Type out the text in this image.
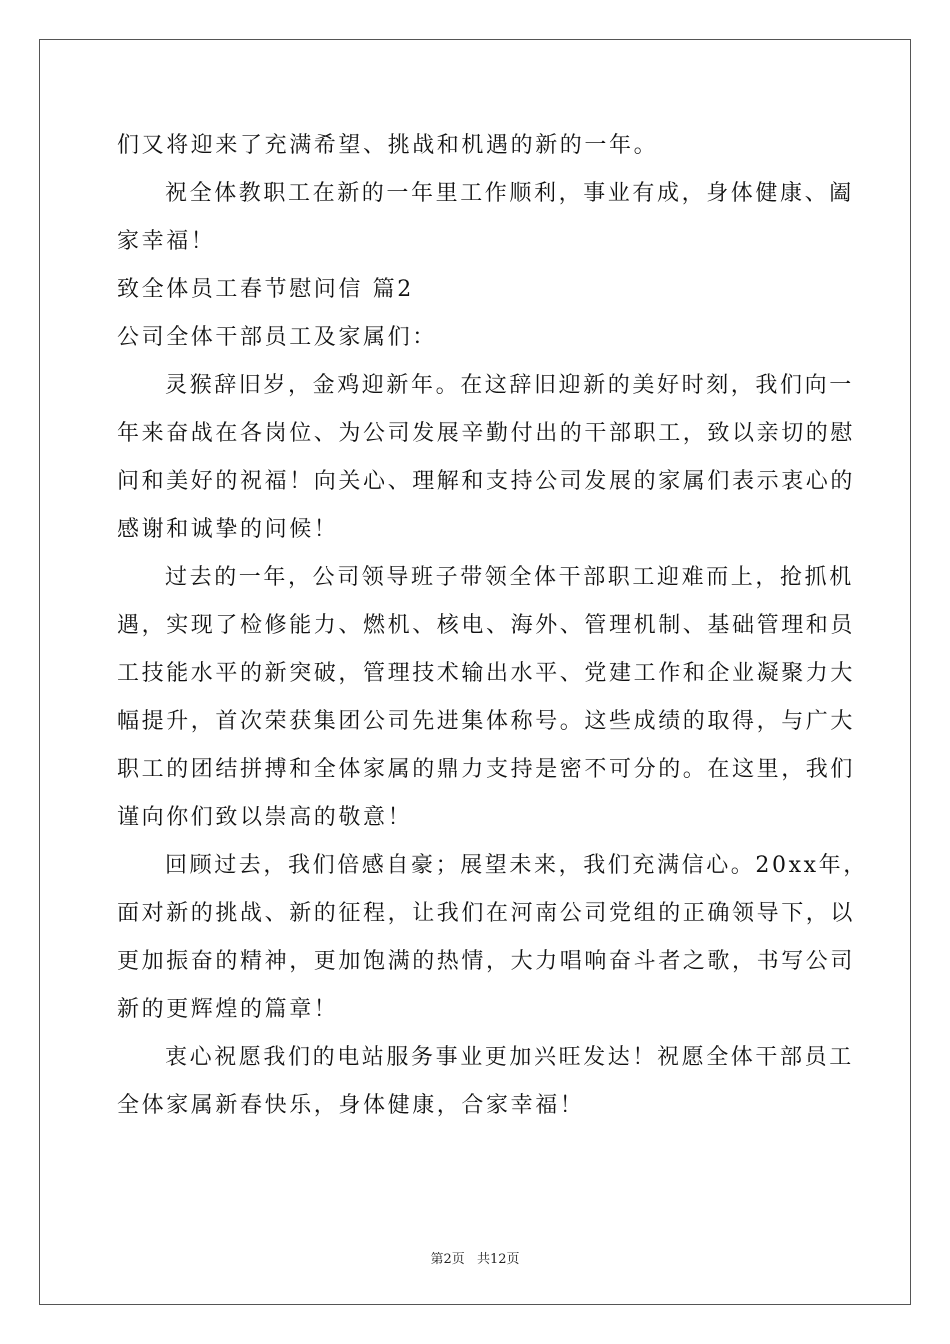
们又将迎来了充满希望、挑战和机遇的新的一年。
祝全体教职工在新的一年里工作顺利，事业有成，身体健康、阖
家幸福！
致全体员工春节慰问信 篇2
公司全体干部员工及家属们：
灵猴辞旧岁，金鸡迎新年。在这辞旧迎新的美好时刻，我们向一
年来奋战在各岗位、为公司发展辛勤付出的干部职工，致以亲切的慰
问和美好的祝福！向关心、理解和支持公司发展的家属们表示衷心的
感谢和诚挚的问候！
过去的一年，公司领导班子带领全体干部职工迎难而上，抢抓机
遇，实现了检修能力、燃机、核电、海外、管理机制、基础管理和员
工技能水平的新突破，管理技术输出水平、党建工作和企业凝聚力大
幅提升，首次荣获集团公司先进集体称号。这些成绩的取得，与广大
职工的团结拼搏和全体家属的鼎力支持是密不可分的。在这里，我们
谨向你们致以崇高的敬意！
回顾过去，我们倍感自豪；展望未来，我们充满信心。20xx年，
面对新的挑战、新的征程，让我们在河南公司党组的正确领导下，以
更加振奋的精神，更加饱满的热情，大力唱响奋斗者之歌，书写公司
新的更辉煌的篇章！
衷心祝愿我们的电站服务事业更加兴旺发达！祝愿全体干部员工
全体家属新春快乐，身体健康，合家幸福！
第2页 共12页
